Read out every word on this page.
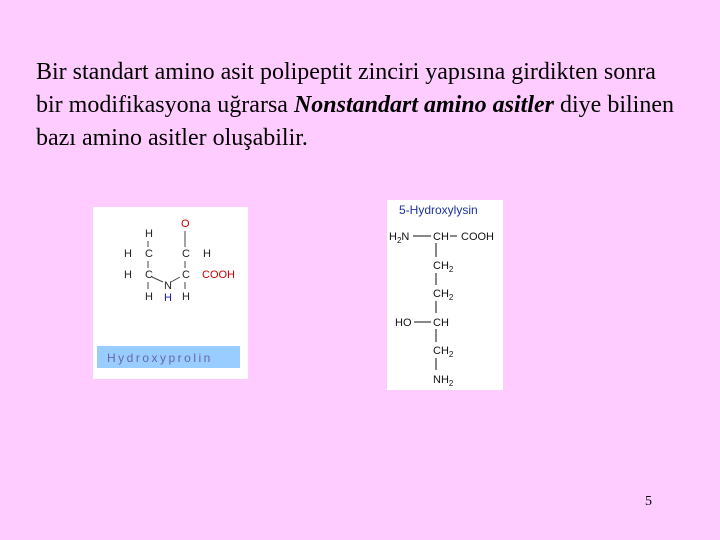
Bir standart amino asit polipeptit zinciri yapısına girdikten sonra bir modifikasyona uğrarsa Nonstandart amino asitler diye bilinen bazı amino asitler oluşabilir.
H
H
H
C
C
H
N
H
C
C
H
H
O
COOH
Hydroxyprolin
5-Hydroxylysin
$H_2N$ CH COOH
$CH_2$
$CH_2$
HO CH
$CH_2$
$NH_2$
5
